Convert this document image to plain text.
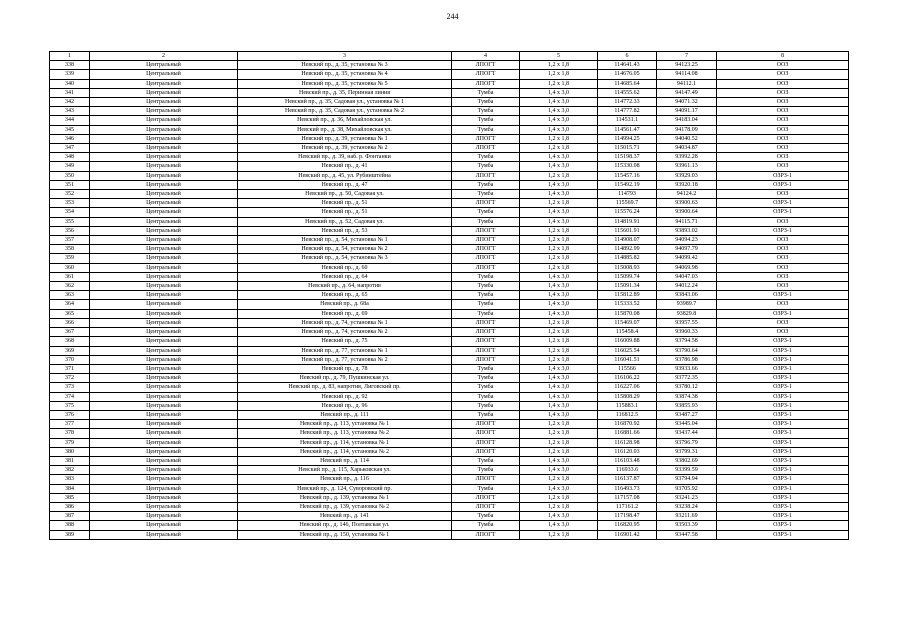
244
1	2	3	4	5	6	7	8
338	Центральный	Невский пр., д. 35, установка № 3	ЛПОГТ	1,2 x 1,8	114641.43	94123.25	ООЗ
339	Центральный	Невский пр., д. 35, установка № 4	ЛПОГТ	1,2 x 1,8	114676.05	94114.08	ООЗ
340	Центральный	Невский пр., д. 35, установка № 5	ЛПОГТ	1,2 x 1,8	114685.64	94112.1	ООЗ
341	Центральный	Невский пр., д. 35, Перинная линия	Тумба	1,4 x 3,0	114555.62	94147.49	ООЗ
342	Центральный	Невский пр., д. 35, Садовая ул., установка № 1	Тумба	1,4 x 3,0	114772.33	94071.32	ООЗ
343	Центральный	Невский пр., д. 35, Садовая ул., установка № 2	Тумба	1,4 x 3,0	114777.82	94091.17	ООЗ
344	Центральный	Невский пр., д. 36, Михайловская ул.	Тумба	1,4 x 3,0	114531.1	94183.04	ООЗ
345	Центральный	Невский пр., д. 38, Михайловская ул.	Тумба	1,4 x 3,0	114561.47	94178.09	ООЗ
346	Центральный	Невский пр., д. 39, установка № 1	ЛПОГТ	1,2 x 1,8	114994.25	94040.52	ООЗ
347	Центральный	Невский пр., д. 39, установка № 2	ЛПОГТ	1,2 x 1,8	115015.71	94034.87	ООЗ
348	Центральный	Невский пр., д. 39, наб. р. Фонтанки	Тумба	1,4 x 3,0	115198.37	93992.28	ООЗ
349	Центральный	Невский пр., д. 41	Тумба	1,4 x 3,0	115330.08	93961.13	ООЗ
350	Центральный	Невский пр., д. 45, ул. Рубинштейна	ЛПОГТ	1,2 x 1,8	115457.16	93929.03	ОЗРЗ-1
351	Центральный	Невский пр., д. 47	Тумба	1,4 x 3,0	115492.19	93920.18	ОЗРЗ-1
352	Центральный	Невский пр., д. 50, Садовая ул.	Тумба	1,4 x 3,0	114793	94124.2	ООЗ
353	Центральный	Невский пр., д. 51	ЛПОГТ	1,2 x 1,8	115569.7	93900.63	ОЗРЗ-1
354	Центральный	Невский пр., д. 51	Тумба	1,4 x 3,0	115576.24	93900.64	ОЗРЗ-1
355	Центральный	Невский пр., д. 52, Садовая ул.	Тумба	1,4 x 3,0	114819.91	94115.71	ООЗ
356	Центральный	Невский пр., д. 53	ЛПОГТ	1,2 x 1,8	115601.91	93893.02	ОЗРЗ-1
357	Центральный	Невский пр., д. 54, установка № 1	ЛПОГТ	1,2 x 1,8	114908.07	94094.23	ООЗ
358	Центральный	Невский пр., д. 54, установка № 2	ЛПОГТ	1,2 x 1,8	114892.99	94097.79	ООЗ
359	Центральный	Невский пр., д. 54, установка № 3	ЛПОГТ	1,2 x 1,8	114885.82	94099.42	ООЗ
360	Центральный	Невский пр., д. 60	ЛПОГТ	1,2 x 1,8	115008.93	94069.98	ООЗ
361	Центральный	Невский пр., д. 64	Тумба	1,4 x 3,0	115099.74	94047.03	ООЗ
362	Центральный	Невский пр., д. 64, напротив	Тумба	1,4 x 3,0	115091.34	94012.24	ООЗ
363	Центральный	Невский пр., д. 65	Тумба	1,4 x 3,0	115812.89	93843.06	ОЗРЗ-1
364	Центральный	Невский пр., д. 68а	Тумба	1,4 x 3,0	115333.52	93989.7	ООЗ
365	Центральный	Невский пр., д. 69	Тумба	1,4 x 3,0	115870.08	93829.8	ОЗРЗ-1
366	Центральный	Невский пр., д. 74, установка № 1	ЛПОГТ	1,2 x 1,8	115469.07	93957.55	ООЗ
367	Центральный	Невский пр., д. 74, установка № 2	ЛПОГТ	1,2 x 1,8	115458.4	93960.33	ООЗ
368	Центральный	Невский пр., д. 75	ЛПОГТ	1,2 x 1,8	116009.88	93794.58	ОЗРЗ-1
369	Центральный	Невский пр., д. 77, установка № 1	ЛПОГТ	1,2 x 1,8	116025.54	93790.64	ОЗРЗ-1
370	Центральный	Невский пр., д. 77, установка № 2	ЛПОГТ	1,2 x 1,8	116041.51	93786.98	ОЗРЗ-1
371	Центральный	Невский пр., д. 78	Тумба	1,4 x 3,0	115566	93933.66	ОЗРЗ-1
372	Центральный	Невский пр., д. 79, Пушкинская ул.	Тумба	1,4 x 3,0	116106.22	93772.35	ОЗРЗ-1
373	Центральный	Невский пр., д. 83, напротив, Лиговский пр.	Тумба	1,4 x 3,0	116227.06	93780.12	ОЗРЗ-1
374	Центральный	Невский пр., д. 92	Тумба	1,4 x 3,0	115808.29	93874.38	ОЗРЗ-1
375	Центральный	Невский пр., д. 96	Тумба	1,4 x 3,0	115883.1	93855.93	ОЗРЗ-1
376	Центральный	Невский пр., д. 111	Тумба	1,4 x 3,0	116812.5	93487.27	ОЗРЗ-1
377	Центральный	Невский пр., д. 113, установка № 1	ЛПОГТ	1,2 x 1,8	116870.92	93445.04	ОЗРЗ-1
378	Центральный	Невский пр., д. 113, установка № 2	ЛПОГТ	1,2 x 1,8	116881.66	93437.44	ОЗРЗ-1
379	Центральный	Невский пр., д. 114, установка № 1	ЛПОГТ	1,2 x 1,8	116128.98	93796.79	ОЗРЗ-1
380	Центральный	Невский пр., д. 114, установка № 2	ЛПОГТ	1,2 x 1,8	116120.03	93799.31	ОЗРЗ-1
381	Центральный	Невский пр., д. 114	Тумба	1,4 x 3,0	116103.48	93802.69	ОЗРЗ-1
382	Центральный	Невский пр., д. 115, Харьковская ул.	Тумба	1,4 x 3,0	116933.6	93399.59	ОЗРЗ-1
383	Центральный	Невский пр., д. 116	ЛПОГТ	1,2 x 1,8	116137.87	93794.94	ОЗРЗ-1
384	Центральный	Невский пр., д. 124, Суворовский пр.	Тумба	1,4 x 3,0	116493.73	93705.92	ОЗРЗ-1
385	Центральный	Невский пр., д. 139, установка № 1	ЛПОГТ	1,2 x 1,8	117157.08	93241.23	ОЗРЗ-1
386	Центральный	Невский пр., д. 139, установка № 2	ЛПОГТ	1,2 x 1,8	117161.2	93238.24	ОЗРЗ-1
387	Центральный	Невский пр., д. 141	Тумба	1,4 x 3,0	117198.47	93211.69	ОЗРЗ-1
388	Центральный	Невский пр., д. 146, Полтавская ул.	Тумба	1,4 x 3,0	116820.95	93503.39	ОЗРЗ-1
389	Центральный	Невский пр., д. 150, установка № 1	ЛПОГТ	1,2 x 1,8	116901.42	93447.58	ОЗРЗ-1
